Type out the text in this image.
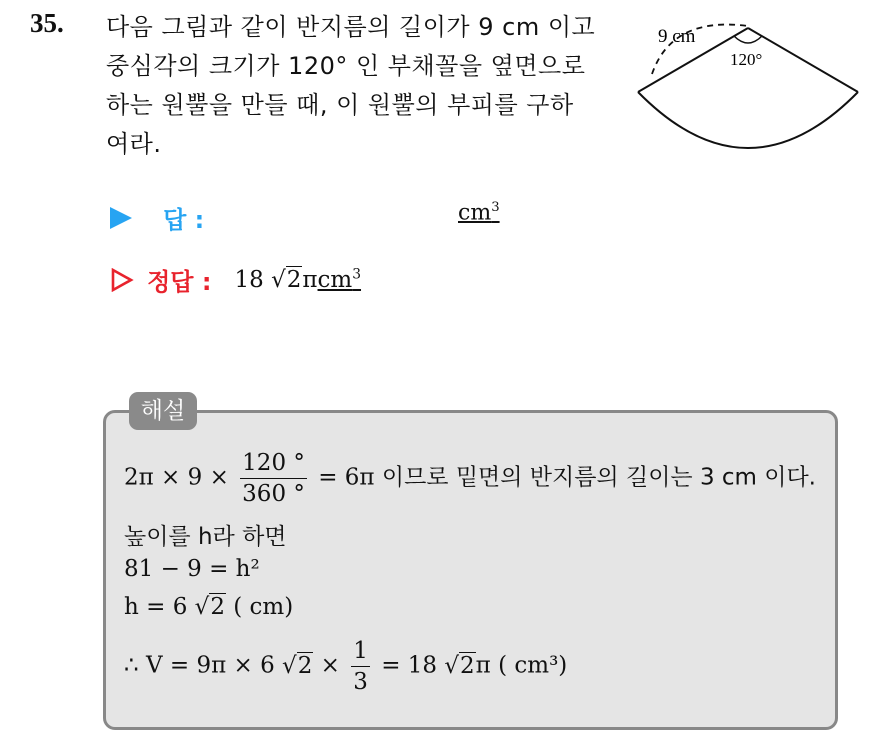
35. 다음 그림과 같이 반지름의 길이가 9 cm 이고
중심각의 크기가 120° 인 부채꼴을 옆면으로
하는 원뿔을 만들 때, 이 원뿔의 부피를 구하
여라.
9 cm
120°
답 :	$cm^3$
정답 : 18 √2πcm$^3$
해설
$2\pi \times 9 \times \frac{120 ^\circ}{360 ^\circ} = 6\pi$ 이므로 밑면의 반지름의 길이는 3 cm 이다.
높이를 h라 하면
81 − 9 = h²
h = 6 √2 ( cm)
∴ V = 9π × 6 $√2 \times \frac{1}{3} = 18$ √2π ( cm³)
